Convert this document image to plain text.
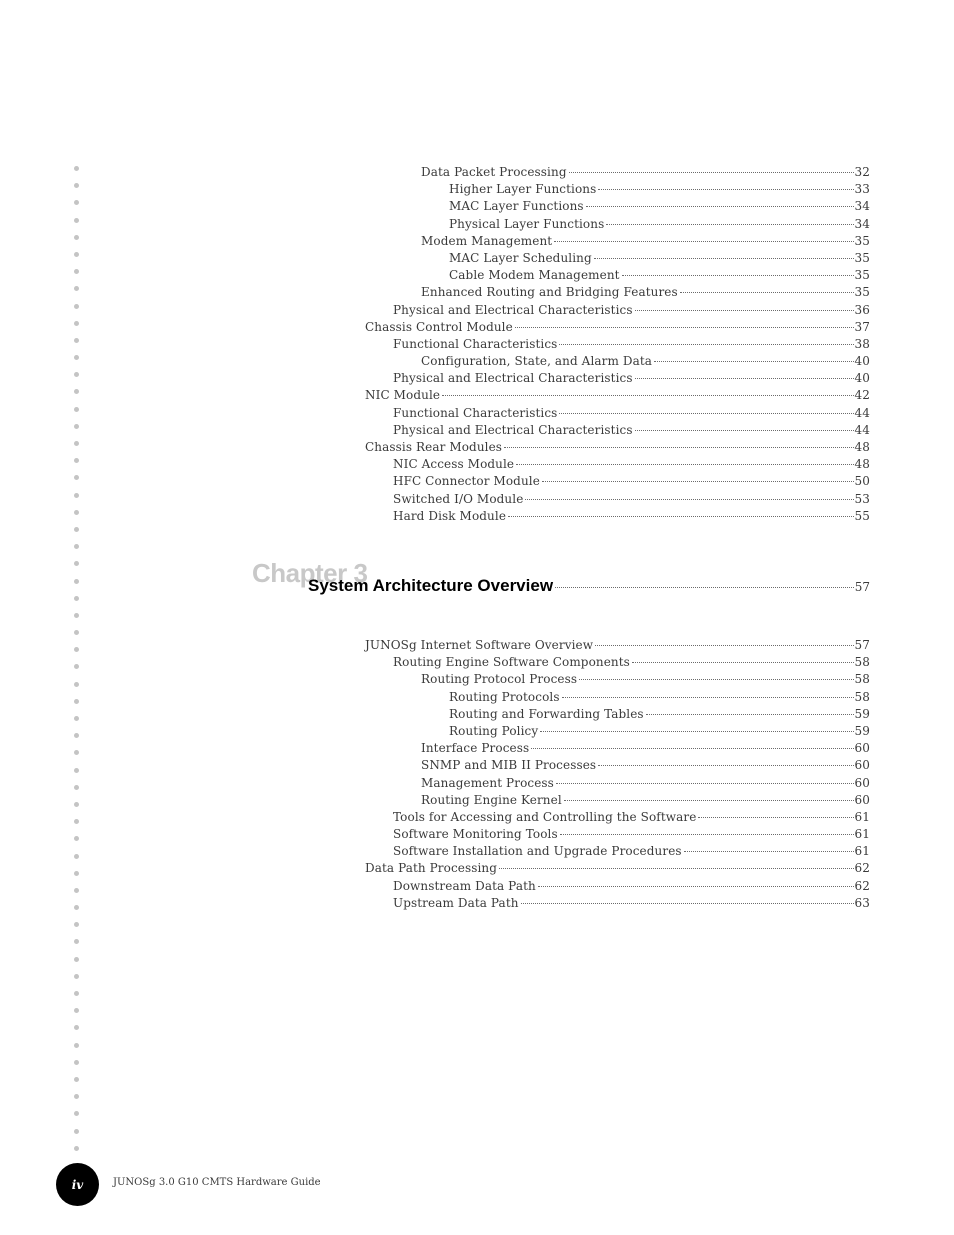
Data Packet Processing	32
Higher Layer Functions	33
MAC Layer Functions	34
Physical Layer Functions	34
Modem Management	35
MAC Layer Scheduling	35
Cable Modem Management	35
Enhanced Routing and Bridging Features	35
Physical and Electrical Characteristics	36
Chassis Control Module	37
Functional Characteristics	38
Configuration, State, and Alarm Data	40
Physical and Electrical Characteristics	40
NIC Module	42
Functional Characteristics	44
Physical and Electrical Characteristics	44
Chassis Rear Modules	48
NIC Access Module	48
HFC Connector Module	50
Switched I/O Module	53
Hard Disk Module	55
Chapter 3
System Architecture Overview	57
JUNOSg Internet Software Overview	57
Routing Engine Software Components	58
Routing Protocol Process	58
Routing Protocols	58
Routing and Forwarding Tables	59
Routing Policy	59
Interface Process	60
SNMP and MIB II Processes	60
Management Process	60
Routing Engine Kernel	60
Tools for Accessing and Controlling the Software	61
Software Monitoring Tools	61
Software Installation and Upgrade Procedures	61
Data Path Processing	62
Downstream Data Path	62
Upstream Data Path	63
iv	JUNOSg 3.0 G10 CMTS Hardware Guide
